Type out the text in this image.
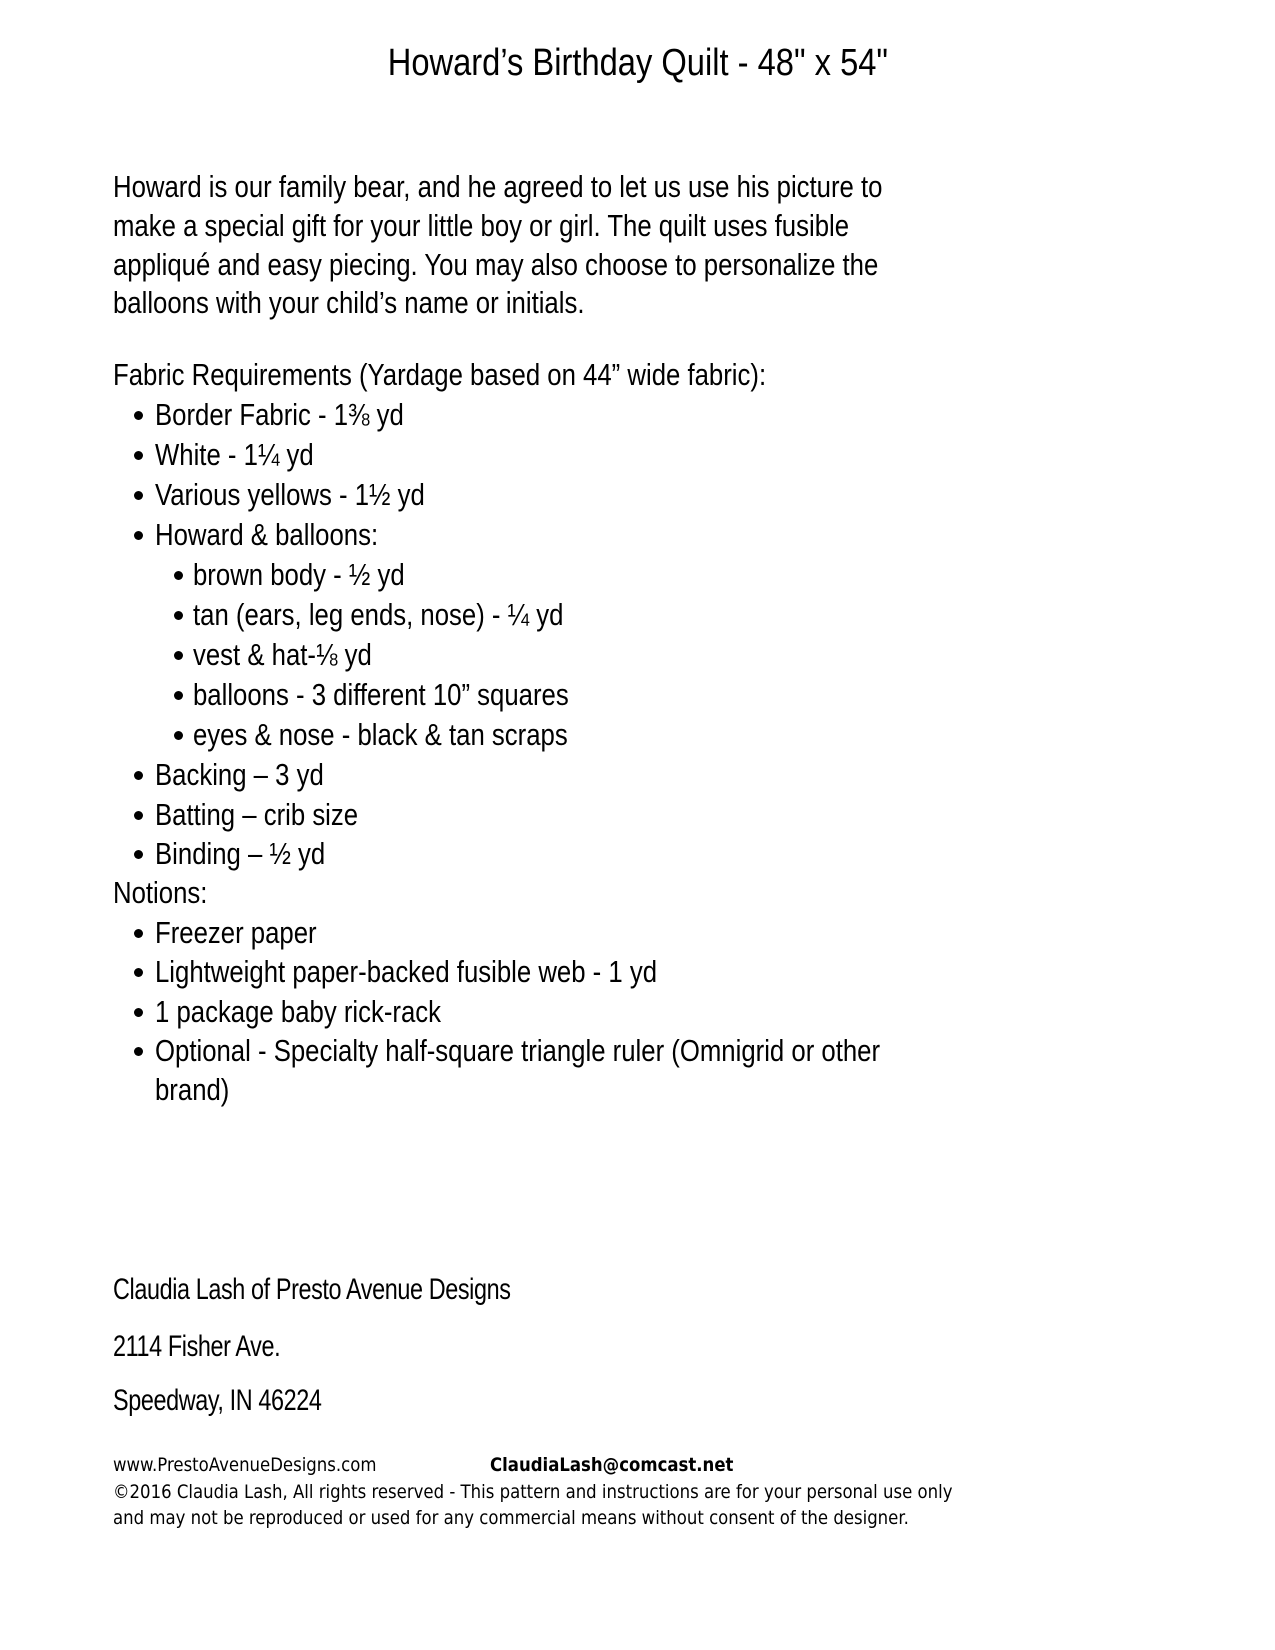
Howard’s Birthday Quilt - 48" x 54"
Howard is our family bear, and he agreed to let us use his picture to
make a special gift for your little boy or girl. The quilt uses fusible
appliqué and easy piecing. You may also choose to personalize the
balloons with your child’s name or initials.
Fabric Requirements (Yardage based on 44” wide fabric):
Border Fabric - 1⅜ yd
White - 1¼ yd
Various yellows - 1½ yd
Howard & balloons:
brown body - ½ yd
tan (ears, leg ends, nose) - ¼ yd
vest & hat-⅛ yd
balloons - 3 different 10” squares
eyes & nose - black & tan scraps
Backing – 3 yd
Batting – crib size
Binding – ½ yd
Notions:
Freezer paper
Lightweight paper-backed fusible web - 1 yd
1 package baby rick-rack
Optional - Specialty half-square triangle ruler (Omnigrid or other
brand)
Claudia Lash of Presto Avenue Designs
2114 Fisher Ave.
Speedway, IN 46224
www.PrestoAvenueDesigns.com	ClaudiaLash@comcast.net
©2016 Claudia Lash, All rights reserved - This pattern and instructions are for your personal use only
and may not be reproduced or used for any commercial means without consent of the designer.
